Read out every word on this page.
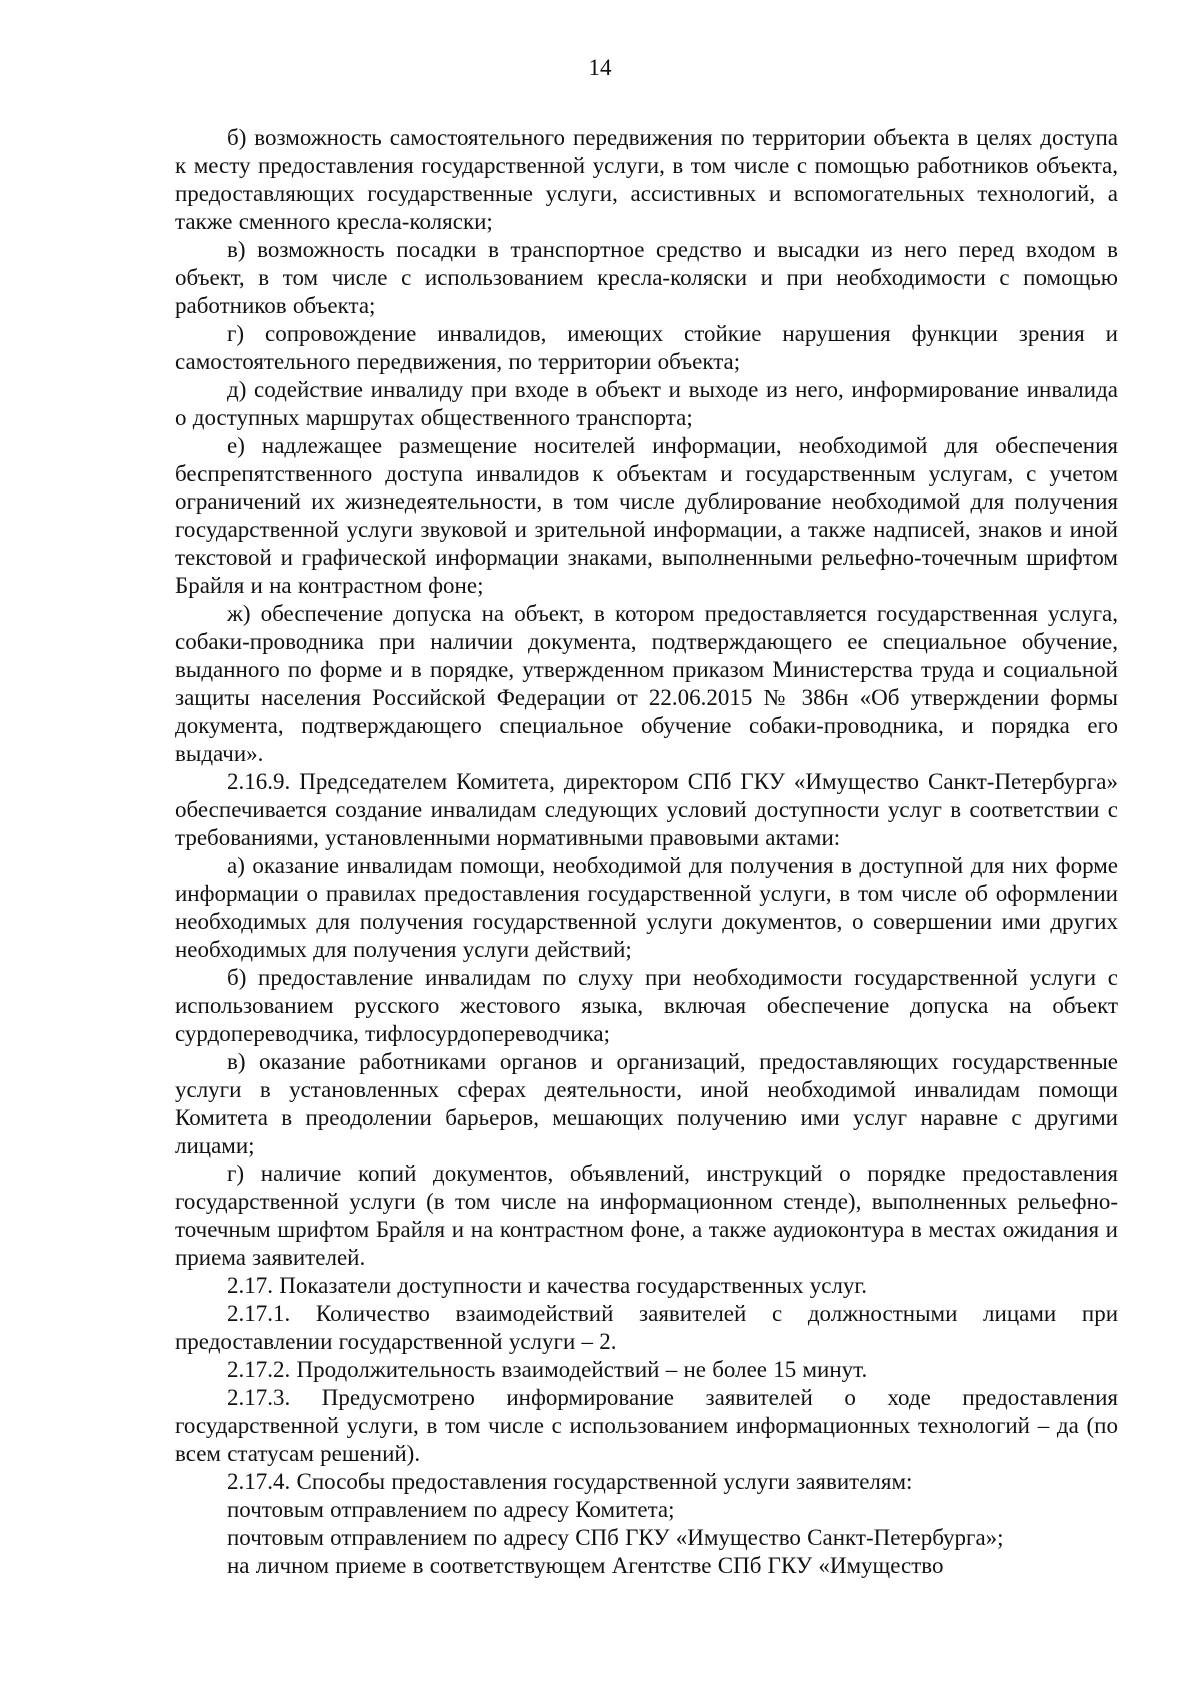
14

б) возможность самостоятельного передвижения по территории объекта в целях доступа к месту предоставления государственной услуги, в том числе с помощью работников объекта, предоставляющих государственные услуги, ассистивных и вспомогательных технологий, а также сменного кресла-коляски;

в) возможность посадки в транспортное средство и высадки из него перед входом в объект, в том числе с использованием кресла-коляски и при необходимости с помощью работников объекта;

г) сопровождение инвалидов, имеющих стойкие нарушения функции зрения и самостоятельного передвижения, по территории объекта;

д) содействие инвалиду при входе в объект и выходе из него, информирование инвалида о доступных маршрутах общественного транспорта;

е) надлежащее размещение носителей информации, необходимой для обеспечения беспрепятственного доступа инвалидов к объектам и государственным услугам, с учетом ограничений их жизнедеятельности, в том числе дублирование необходимой для получения государственной услуги звуковой и зрительной информации, а также надписей, знаков и иной текстовой и графической информации знаками, выполненными рельефно-точечным шрифтом Брайля и на контрастном фоне;

ж) обеспечение допуска на объект, в котором предоставляется государственная услуга, собаки-проводника при наличии документа, подтверждающего ее специальное обучение, выданного по форме и в порядке, утвержденном приказом Министерства труда и социальной защиты населения Российской Федерации от 22.06.2015 № 386н «Об утверждении формы документа, подтверждающего специальное обучение собаки-проводника, и порядка его выдачи».

2.16.9. Председателем Комитета, директором СПб ГКУ «Имущество Санкт-Петербурга» обеспечивается создание инвалидам следующих условий доступности услуг в соответствии с требованиями, установленными нормативными правовыми актами:

а) оказание инвалидам помощи, необходимой для получения в доступной для них форме информации о правилах предоставления государственной услуги, в том числе об оформлении необходимых для получения государственной услуги документов, о совершении ими других необходимых для получения услуги действий;

б) предоставление инвалидам по слуху при необходимости государственной услуги с использованием русского жестового языка, включая обеспечение допуска на объект сурдопереводчика, тифлосурдопереводчика;

в) оказание работниками органов и организаций, предоставляющих государственные услуги в установленных сферах деятельности, иной необходимой инвалидам помощи Комитета в преодолении барьеров, мешающих получению ими услуг наравне с другими лицами;

г) наличие копий документов, объявлений, инструкций о порядке предоставления государственной услуги (в том числе на информационном стенде), выполненных рельефно-точечным шрифтом Брайля и на контрастном фоне, а также аудиоконтура в местах ожидания и приема заявителей.

2.17. Показатели доступности и качества государственных услуг.

2.17.1. Количество взаимодействий заявителей с должностными лицами при предоставлении государственной услуги – 2.

2.17.2. Продолжительность взаимодействий – не более 15 минут.

2.17.3. Предусмотрено информирование заявителей о ходе предоставления государственной услуги, в том числе с использованием информационных технологий – да (по всем статусам решений).

2.17.4. Способы предоставления государственной услуги заявителям:

почтовым отправлением по адресу Комитета;

почтовым отправлением по адресу СПб ГКУ «Имущество Санкт-Петербурга»;

на личном приеме в соответствующем Агентстве СПб ГКУ «Имущество
